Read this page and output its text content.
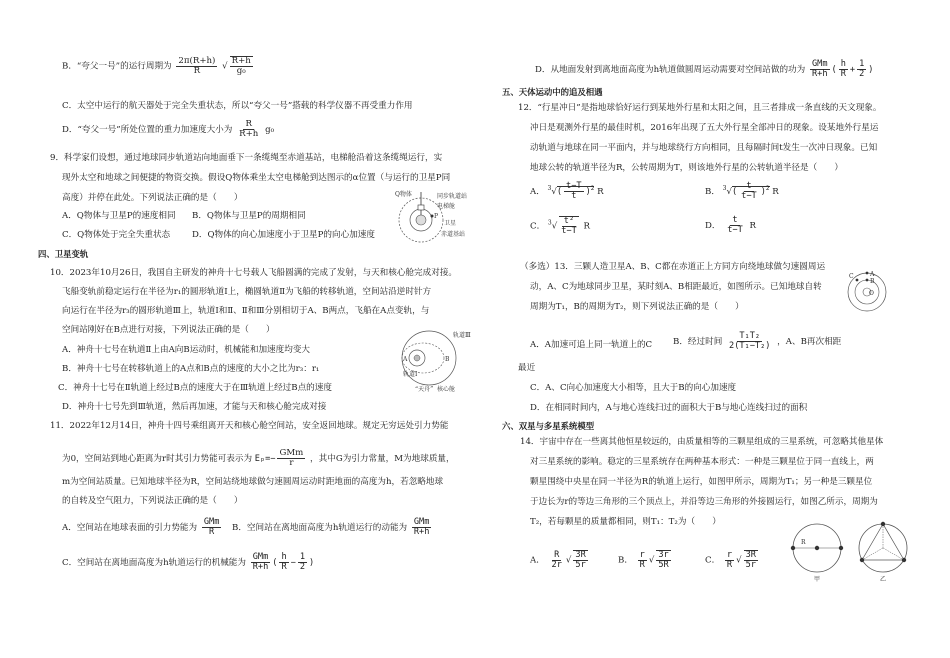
B．“夸父一号”的运行周期为 $\frac{2\pi(R+h)}{R}$ √ $\frac{R+h}{\text{g₀}}$
C．太空中运行的航天器处于完全失重状态，所以“夸父一号”搭载的科学仪器不再受重力作用
D．“夸父一号”所处位置的重力加速度大小为 $\frac{R}{R+h} g_0$
9．科学家们设想，通过地球同步轨道站向地面垂下一条缆绳至赤道基站，电梯舱沿着这条缆绳运行，实
现外太空和地球之间便捷的物资交换。假设Q物体乘坐太空电梯舱到达图示的α位置（与运行的卫星P同
高度）并停在此处。下列说法正确的是（　　）
A．Q物体与卫星P的速度相同 B．Q物体与卫星P的周期相同
C．Q物体处于完全失重状态	D．Q物体的向心加速度小于卫星P的向心加速度
Q物体	同步轨道站
电梯舱
P
卫星
赤道基站
四、卫星变轨
10．2023年10月26日，我国自主研发的神舟十七号载人飞船圆满的完成了发射，与天和核心舱完成对接。
飞船变轨前稳定运行在半径为r₁的圆形轨道Ⅰ上，椭圆轨道Ⅱ为飞船的转移轨道，空间站沿逆时针方
向运行在半径为r₃的圆形轨道Ⅲ上，轨道Ⅰ和Ⅱ、Ⅱ和Ⅲ分别相切于A、B两点，飞船在A点变轨，与
空间站刚好在B点进行对接，下列说法正确的是（　　）
A．神舟十七号在轨道Ⅱ上由A向B运动时，机械能和加速度均变大
B．神舟十七号在转移轨道上的A点和B点的速度的大小之比为r₃：r₁
C．神舟十七号在Ⅱ轨道上经过B点的速度大于在Ⅲ轨道上经过B点的速度
D．神舟十七号先到Ⅲ轨道，然后再加速，才能与天和核心舱完成对接
轨道Ⅲ
轨道Ⅰ
A	B
“天舟” 核心舱
11．2022年12月14日，神舟十四号乘组离开天和核心舱空间站，安全返回地球。规定无穷远处引力势能
为0，空间站到地心距离为r时其引力势能可表示为 $E_p=- \frac{\text{GMm}}{r}$ ，其中G为引力常量，M为地球质量，
m为空间站质量。已知地球半径为R，空间站绕地球做匀速圆周运动时距地面的高度为h，若忽略地球
的自转及空气阻力，下列说法正确的是（　　）
A．空间站在地球表面的引力势能为 $\frac{\text{GMm}}{R}$ B．空间站在离地面高度为h轨道运行的动能为 $\frac{\text{GMm}}{R+h}$
C．空间站在离地面高度为h轨道运行的机械能为 $\frac{\text{GMm}}{R+h}$ ( $\frac{h}{R} - \frac{1}{2}$ )
D．从地面发射到离地面高度为h轨道做圆周运动需要对空间站做的功为 $\frac{\text{GMm}}{R+h}$ ( $\frac{h}{R} + \frac{1}{2}$ )
五、天体运动中的追及相遇
12．“行星冲日”是指地球恰好运行到某地外行星和太阳之间，且三者排成一条直线的天文现象。
冲日是观测外行星的最佳时机，2016年出现了五大外行星全部冲日的现象。设某地外行星运
动轨道与地球在同一平面内，并与地球绕行方向相同，且每隔时间t发生一次冲日现象。已知
地球公转的轨道半径为R，公转周期为T，则该地外行星的公转轨道半径是（　　）
A． $^3√( \frac{t-T}{t} )^2$ R	B． $^3√( \frac{t}{t-T} )^2$ R
C． $^3√ \frac{\text{t²}}{t-T}$ R	D． $\frac{t}{t-T}$ R
（多选）13．三颗人造卫星A、B、C都在赤道正上方同方向绕地球做匀速圆周运
动，A、C为地球同步卫星，某时刻A、B相距最近，如图所示。已知地球自转
周期为T₁，B的周期为T₂，则下列说法正确的是（　　）
C
B
A
O
A．A加速可追上同一轨道上的C B．经过时间 $\frac{\text{T₁T₂}}{\text{2(T₁−T₂)}}$ ，A、B再次相距
最近
C．A、C向心加速度大小相等，且大于B的向心加速度
D．在相同时间内，A与地心连线扫过的面积大于B与地心连线扫过的面积
六、双星与多星系统模型
14．宇宙中存在一些离其他恒星较远的，由质量相等的三颗星组成的三星系统，可忽略其他星体
对三星系统的影响。稳定的三星系统存在两种基本形式：一种是三颗星位于同一直线上，两
颗星围绕中央星在同一半径为R的轨道上运行，如图甲所示，周期为T₁；另一种是三颗星位
于边长为r的等边三角形的三个顶点上，并沿等边三角形的外接圆运行，如图乙所示，周期为
T₂，若每颗星的质量都相同，则T₁：T₂为（　　）
A． $\frac{R}{2r}$ √ $\frac{3R}{5r}$	B． $\frac{r}{R}$ √ $\frac{3r}{5R}$	C． $\frac{r}{R}$ √ $\frac{3R}{5r}$
R
甲	乙
